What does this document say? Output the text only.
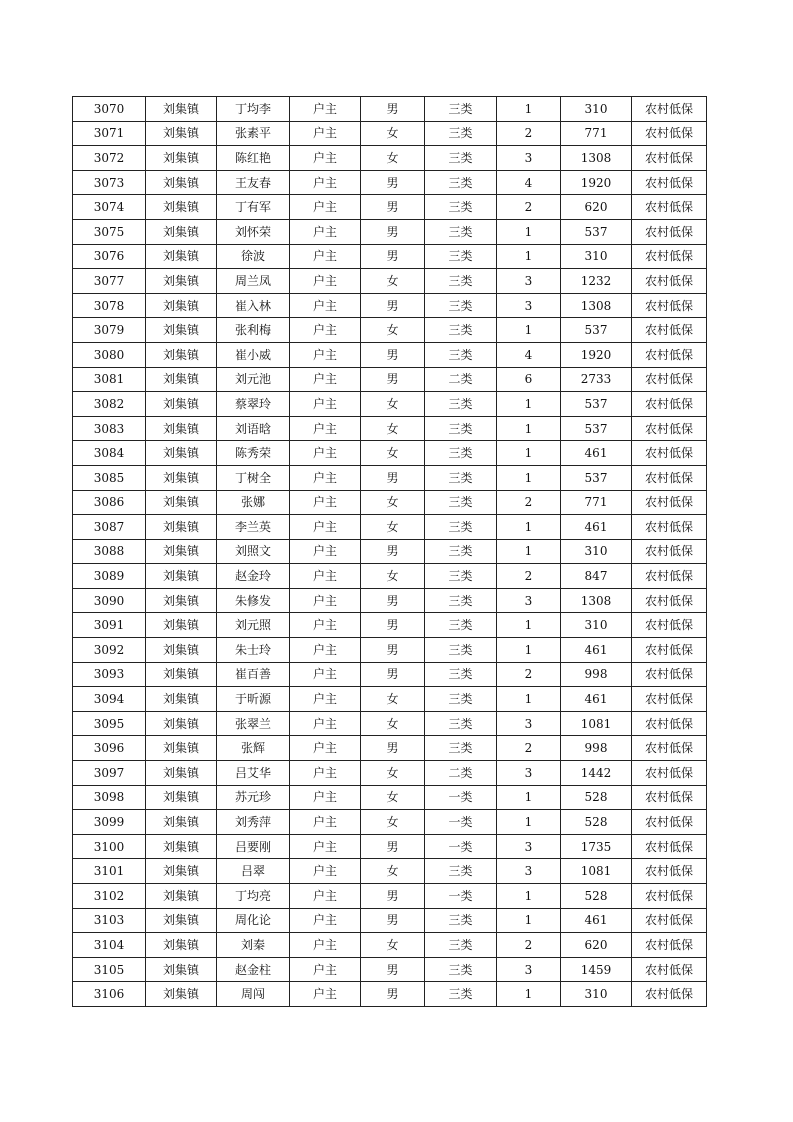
3070	刘集镇	丁均李	户主	男	三类	1	310	农村低保
3071	刘集镇	张素平	户主	女	三类	2	771	农村低保
3072	刘集镇	陈红艳	户主	女	三类	3	1308	农村低保
3073	刘集镇	王友春	户主	男	三类	4	1920	农村低保
3074	刘集镇	丁有军	户主	男	三类	2	620	农村低保
3075	刘集镇	刘怀荣	户主	男	三类	1	537	农村低保
3076	刘集镇	徐波	户主	男	三类	1	310	农村低保
3077	刘集镇	周兰凤	户主	女	三类	3	1232	农村低保
3078	刘集镇	崔入林	户主	男	三类	3	1308	农村低保
3079	刘集镇	张利梅	户主	女	三类	1	537	农村低保
3080	刘集镇	崔小威	户主	男	三类	4	1920	农村低保
3081	刘集镇	刘元池	户主	男	二类	6	2733	农村低保
3082	刘集镇	蔡翠玲	户主	女	三类	1	537	农村低保
3083	刘集镇	刘语晗	户主	女	三类	1	537	农村低保
3084	刘集镇	陈秀荣	户主	女	三类	1	461	农村低保
3085	刘集镇	丁树全	户主	男	三类	1	537	农村低保
3086	刘集镇	张娜	户主	女	三类	2	771	农村低保
3087	刘集镇	李兰英	户主	女	三类	1	461	农村低保
3088	刘集镇	刘照文	户主	男	三类	1	310	农村低保
3089	刘集镇	赵金玲	户主	女	三类	2	847	农村低保
3090	刘集镇	朱修发	户主	男	三类	3	1308	农村低保
3091	刘集镇	刘元照	户主	男	三类	1	310	农村低保
3092	刘集镇	朱士玲	户主	男	三类	1	461	农村低保
3093	刘集镇	崔百善	户主	男	三类	2	998	农村低保
3094	刘集镇	于昕源	户主	女	三类	1	461	农村低保
3095	刘集镇	张翠兰	户主	女	三类	3	1081	农村低保
3096	刘集镇	张辉	户主	男	三类	2	998	农村低保
3097	刘集镇	吕艾华	户主	女	二类	3	1442	农村低保
3098	刘集镇	苏元珍	户主	女	一类	1	528	农村低保
3099	刘集镇	刘秀萍	户主	女	一类	1	528	农村低保
3100	刘集镇	吕要刚	户主	男	一类	3	1735	农村低保
3101	刘集镇	吕翠	户主	女	三类	3	1081	农村低保
3102	刘集镇	丁均亮	户主	男	一类	1	528	农村低保
3103	刘集镇	周化论	户主	男	三类	1	461	农村低保
3104	刘集镇	刘秦	户主	女	三类	2	620	农村低保
3105	刘集镇	赵金柱	户主	男	三类	3	1459	农村低保
3106	刘集镇	周闯	户主	男	三类	1	310	农村低保
